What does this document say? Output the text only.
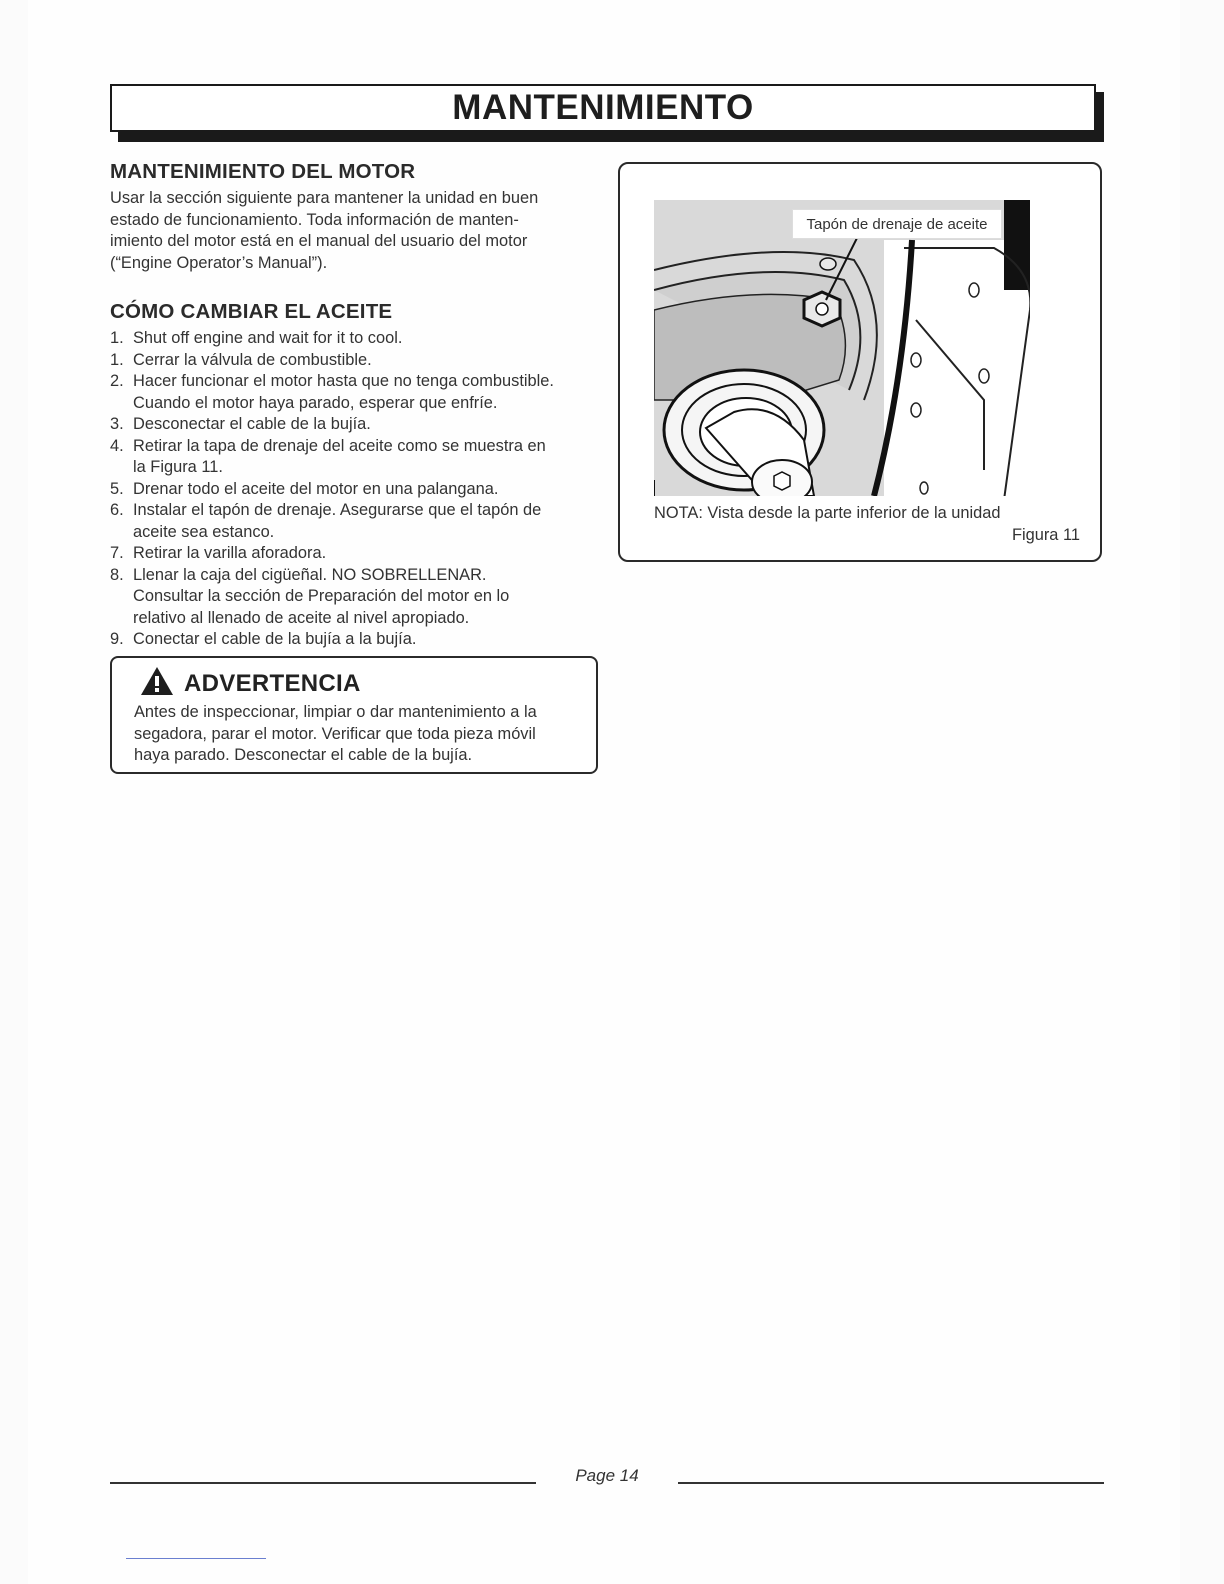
MANTENIMIENTO
MANTENIMIENTO DEL MOTOR

Usar la sección siguiente para mantener la unidad en buen
estado de funcionamiento. Toda información de manten-
imiento del motor está en el manual del usuario del motor
(“Engine Operator’s Manual”).

CÓMO CAMBIAR EL ACEITE
1. Shut off engine and wait for it to cool.
1. Cerrar la válvula de combustible.
2. Hacer funcionar el motor hasta que no tenga combustible.
Cuando el motor haya parado, esperar que enfríe.
3. Desconectar el cable de la bujía.
4. Retirar la tapa de drenaje del aceite como se muestra en
la Figura 11.
5. Drenar todo el aceite del motor en una palangana.
6. Instalar el tapón de drenaje. Asegurarse que el tapón de
aceite sea estanco.
7. Retirar la varilla aforadora.
8. Llenar la caja del cigüeñal. NO SOBRELLENAR.
Consultar la sección de Preparación del motor en lo
relativo al llenado de aceite al nivel apropiado.
9. Conectar el cable de la bujía a la bujía.
ADVERTENCIA
Antes de inspeccionar, limpiar o dar mantenimiento a la
segadora, parar el motor. Verificar que toda pieza móvil
haya parado. Desconectar el cable de la bujía.
Tapón de drenaje de aceite
NOTA: Vista desde la parte inferior de la unidad
Figura 11
Page 14
